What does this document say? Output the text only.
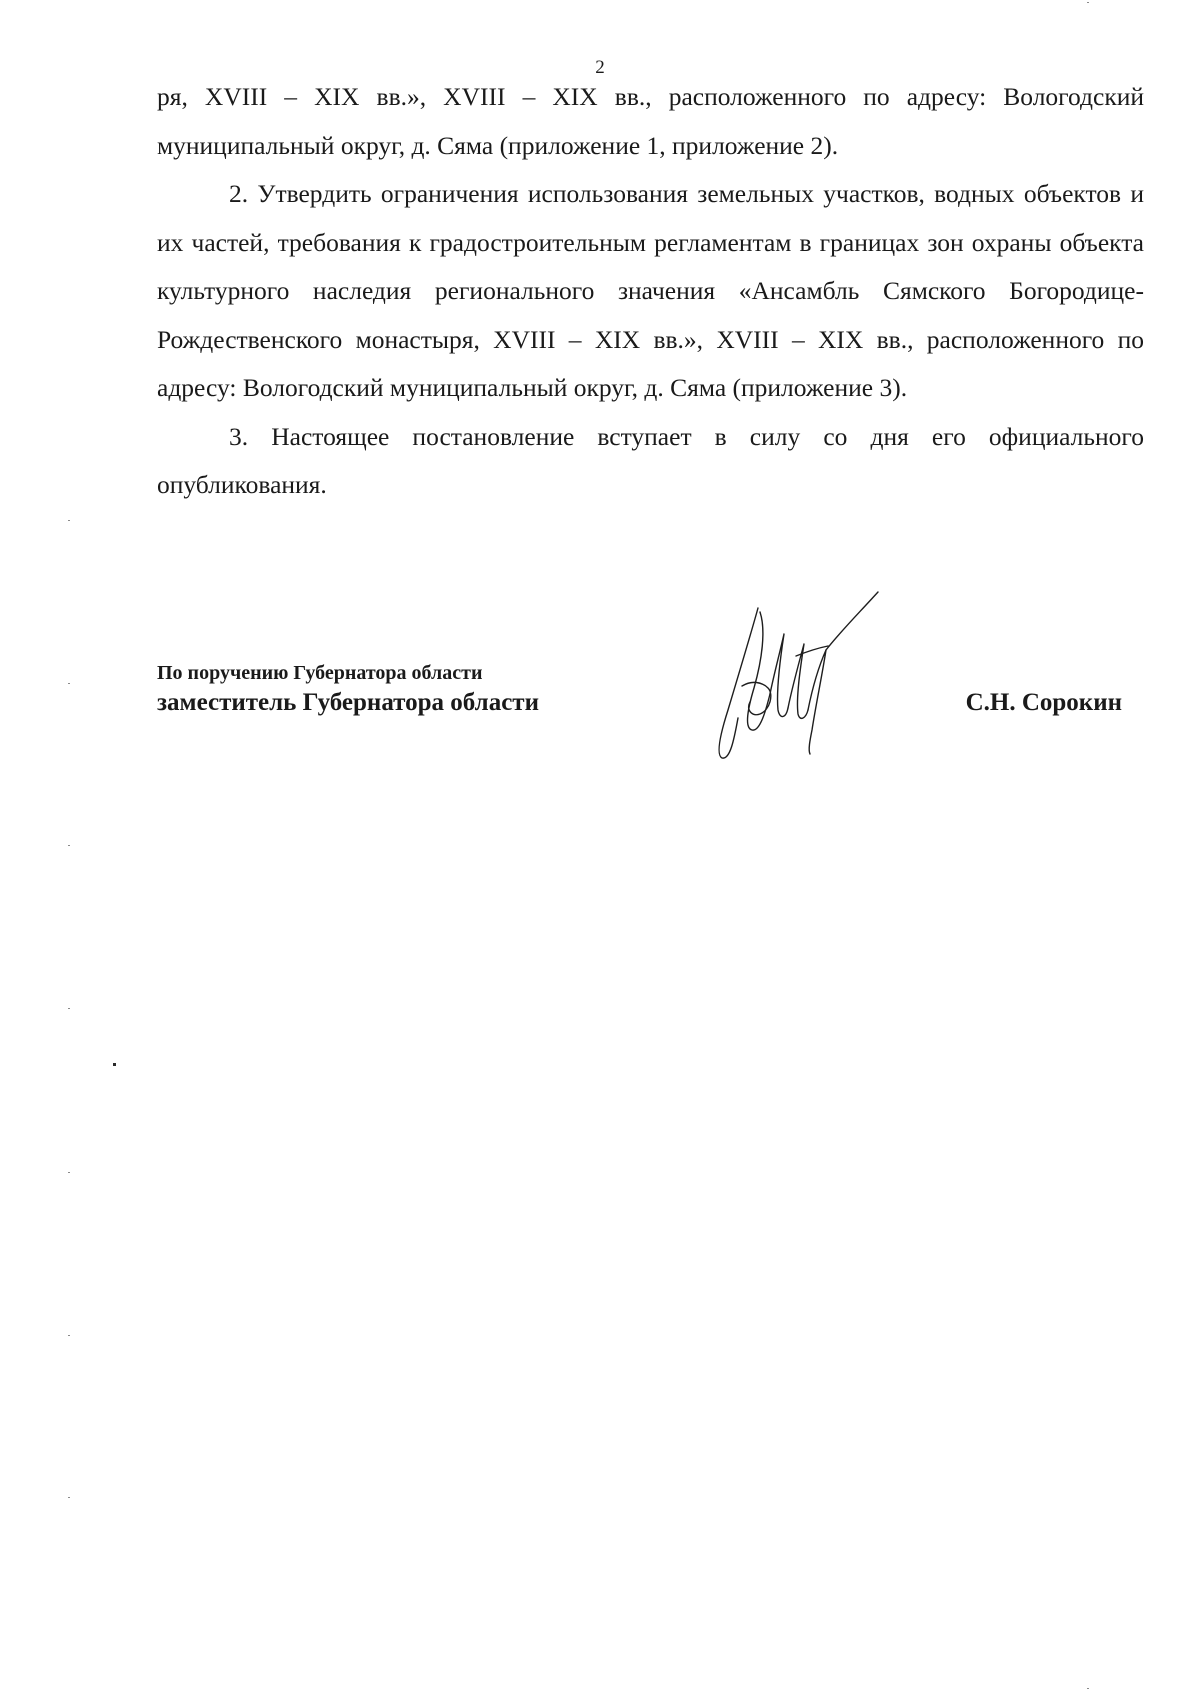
2

ря, XVIII – XIX вв.», XVIII – XIX вв., расположенного по адресу: Вологодский муниципальный округ, д. Сяма (приложение 1, приложение 2).

2. Утвердить ограничения использования земельных участков, водных объектов и их частей, требования к градостроительным регламентам в границах зон охраны объекта культурного наследия регионального значения «Ансамбль Сямского Богородице-Рождественского монастыря, XVIII – XIX вв.», XVIII – XIX вв., расположенного по адресу: Вологодский муниципальный округ, д. Сяма (приложение 3).

3. Настоящее постановление вступает в силу со дня его официального опубликования.

По поручению Губернатора области
заместитель Губернатора области	С.Н. Сорокин
